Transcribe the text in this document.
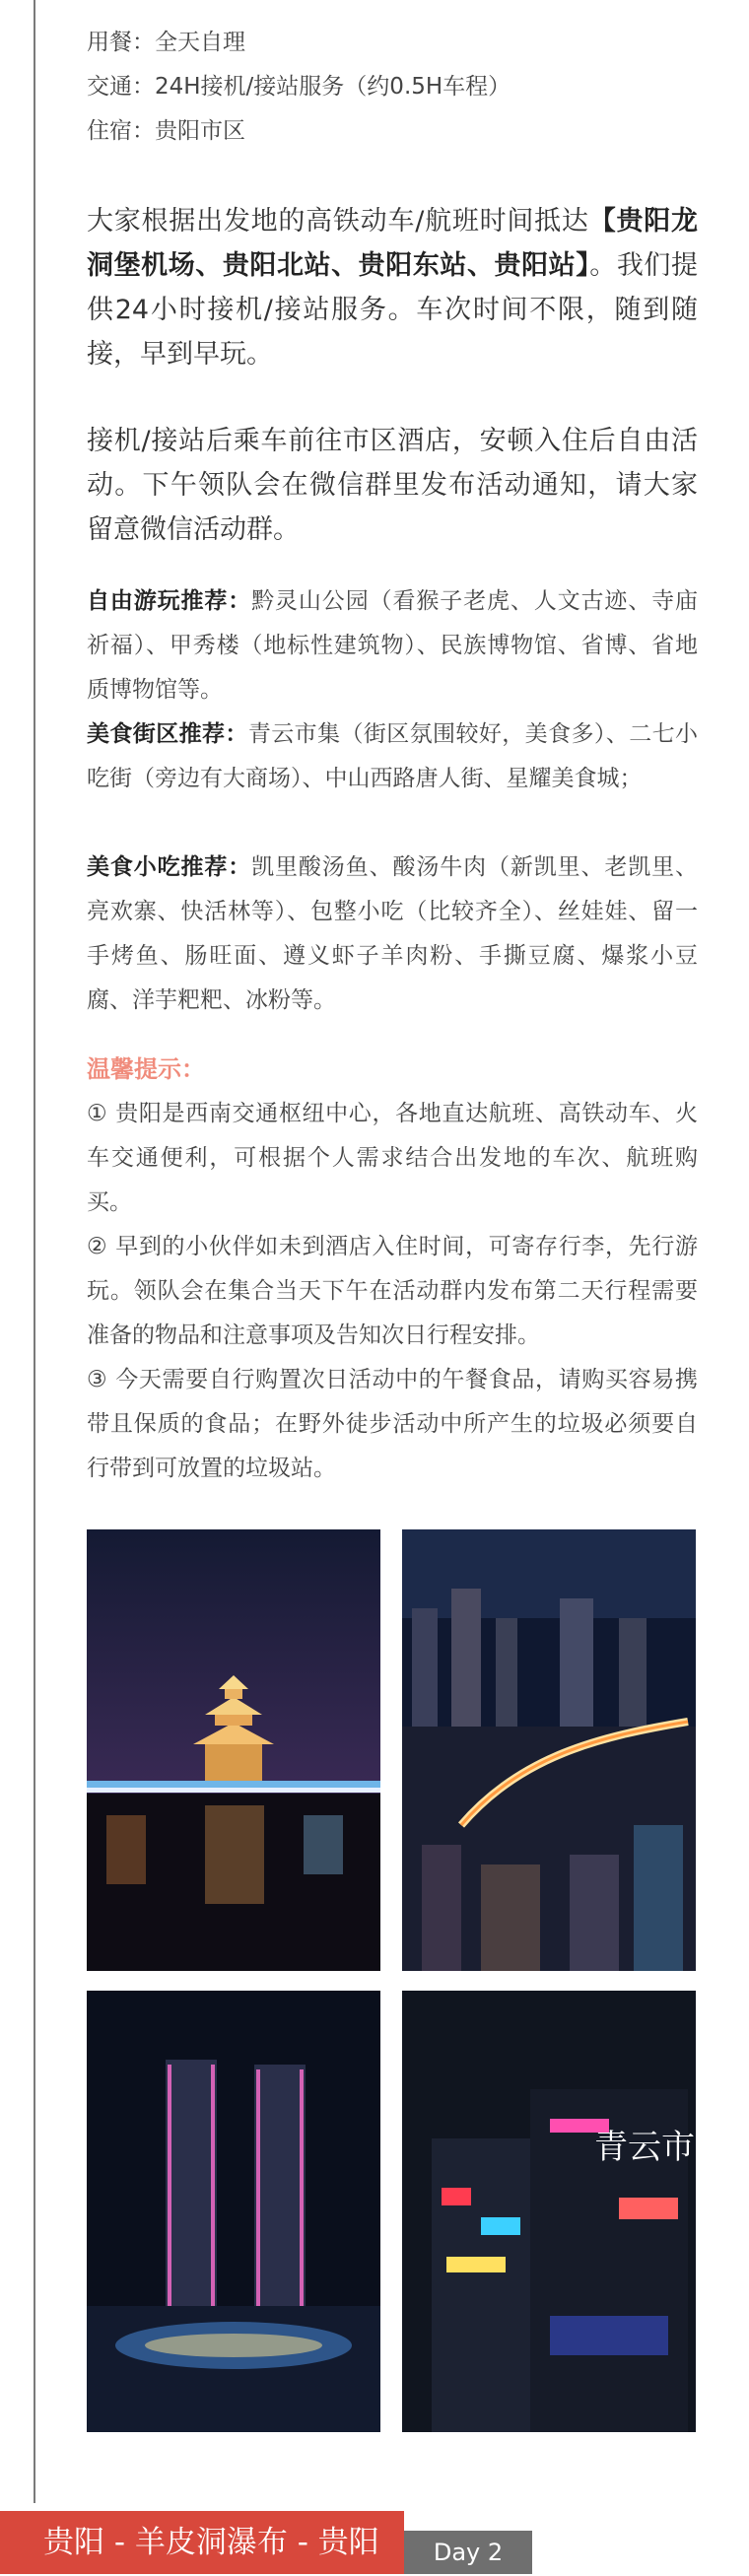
用餐：全天自理
交通：24H接机/接站服务（约0.5H车程）
住宿：贵阳市区
大家根据出发地的高铁动车/航班时间抵达【贵阳龙洞堡机场、贵阳北站、贵阳东站、贵阳站】。我们提供24小时接机/接站服务。车次时间不限，随到随接，早到早玩。
接机/接站后乘车前往市区酒店，安顿入住后自由活动。下午领队会在微信群里发布活动通知，请大家留意微信活动群。
自由游玩推荐：黔灵山公园（看猴子老虎、人文古迹、寺庙祈福）、甲秀楼（地标性建筑物）、民族博物馆、省博、省地质博物馆等。
美食街区推荐：青云市集（街区氛围较好，美食多）、二七小吃街（旁边有大商场）、中山西路唐人街、星耀美食城；
美食小吃推荐：凯里酸汤鱼、酸汤牛肉（新凯里、老凯里、亮欢寨、快活林等）、包整小吃（比较齐全）、丝娃娃、留一手烤鱼、肠旺面、遵义虾子羊肉粉、手撕豆腐、爆浆小豆腐、洋芋粑粑、冰粉等。
温馨提示：
① 贵阳是西南交通枢纽中心，各地直达航班、高铁动车、火车交通便利，可根据个人需求结合出发地的车次、航班购买。
② 早到的小伙伴如未到酒店入住时间，可寄存行李，先行游玩。领队会在集合当天下午在活动群内发布第二天行程需要准备的物品和注意事项及告知次日行程安排。
③ 今天需要自行购置次日活动中的午餐食品，请购买容易携带且保质的食品；在野外徒步活动中所产生的垃圾必须要自行带到可放置的垃圾站。
青云市集
贵阳 - 羊皮洞瀑布 - 贵阳	Day 2
